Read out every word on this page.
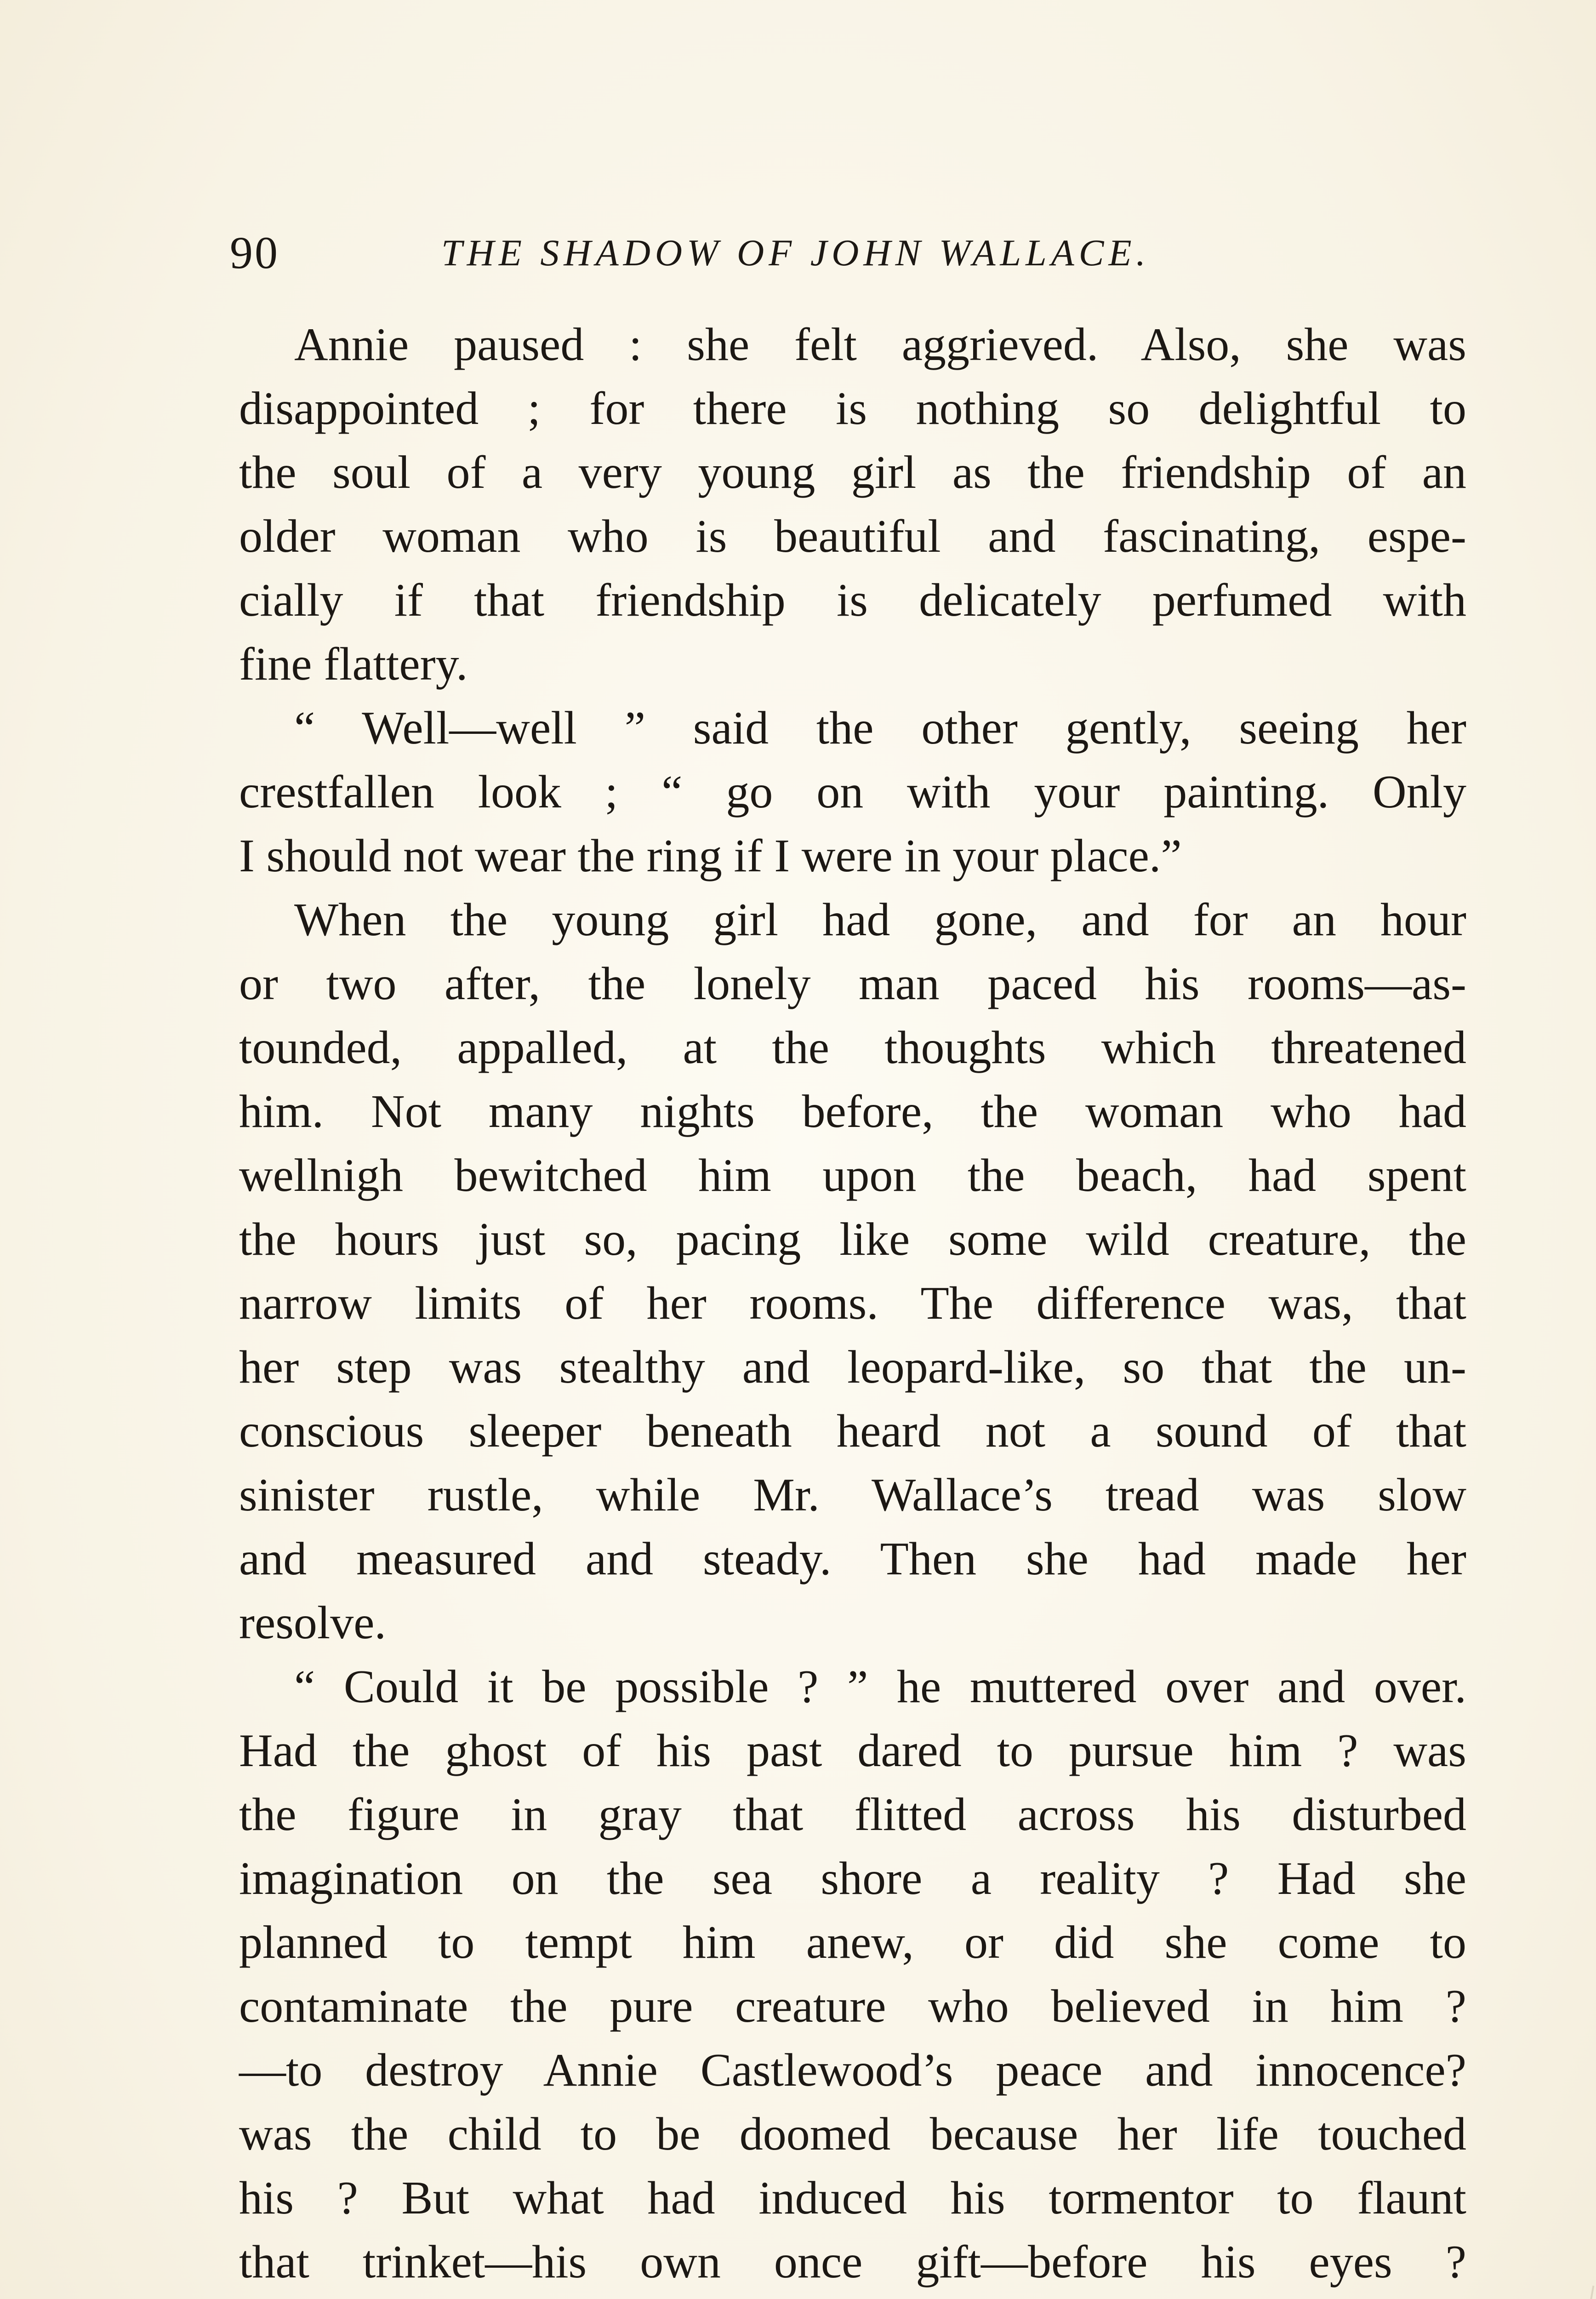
90	THE SHADOW OF JOHN WALLACE.
Annie paused : she felt aggrieved. Also, she was
disappointed ; for there is nothing so delightful to
the soul of a very young girl as the friendship of an
older woman who is beautiful and fascinating, espe-
cially if that friendship is delicately perfumed with
fine flattery.
“ Well—well ” said the other gently, seeing her
crestfallen look ; “ go on with your painting. Only
I should not wear the ring if I were in your place.”
When the young girl had gone, and for an hour
or two after, the lonely man paced his rooms—as-
tounded, appalled, at the thoughts which threatened
him. Not many nights before, the woman who had
wellnigh bewitched him upon the beach, had spent
the hours just so, pacing like some wild creature, the
narrow limits of her rooms. The difference was, that
her step was stealthy and leopard-like, so that the un-
conscious sleeper beneath heard not a sound of that
sinister rustle, while Mr. Wallace’s tread was slow
and measured and steady. Then she had made her
resolve.
“ Could it be possible ? ” he muttered over and over.
Had the ghost of his past dared to pursue him ? was
the figure in gray that flitted across his disturbed
imagination on the sea shore a reality ? Had she
planned to tempt him anew, or did she come to
contaminate the pure creature who believed in him ?
—to destroy Annie Castlewood’s peace and innocence?
was the child to be doomed because her life touched
his ? But what had induced his tormentor to flaunt
that trinket—his own once gift—before his eyes ?
